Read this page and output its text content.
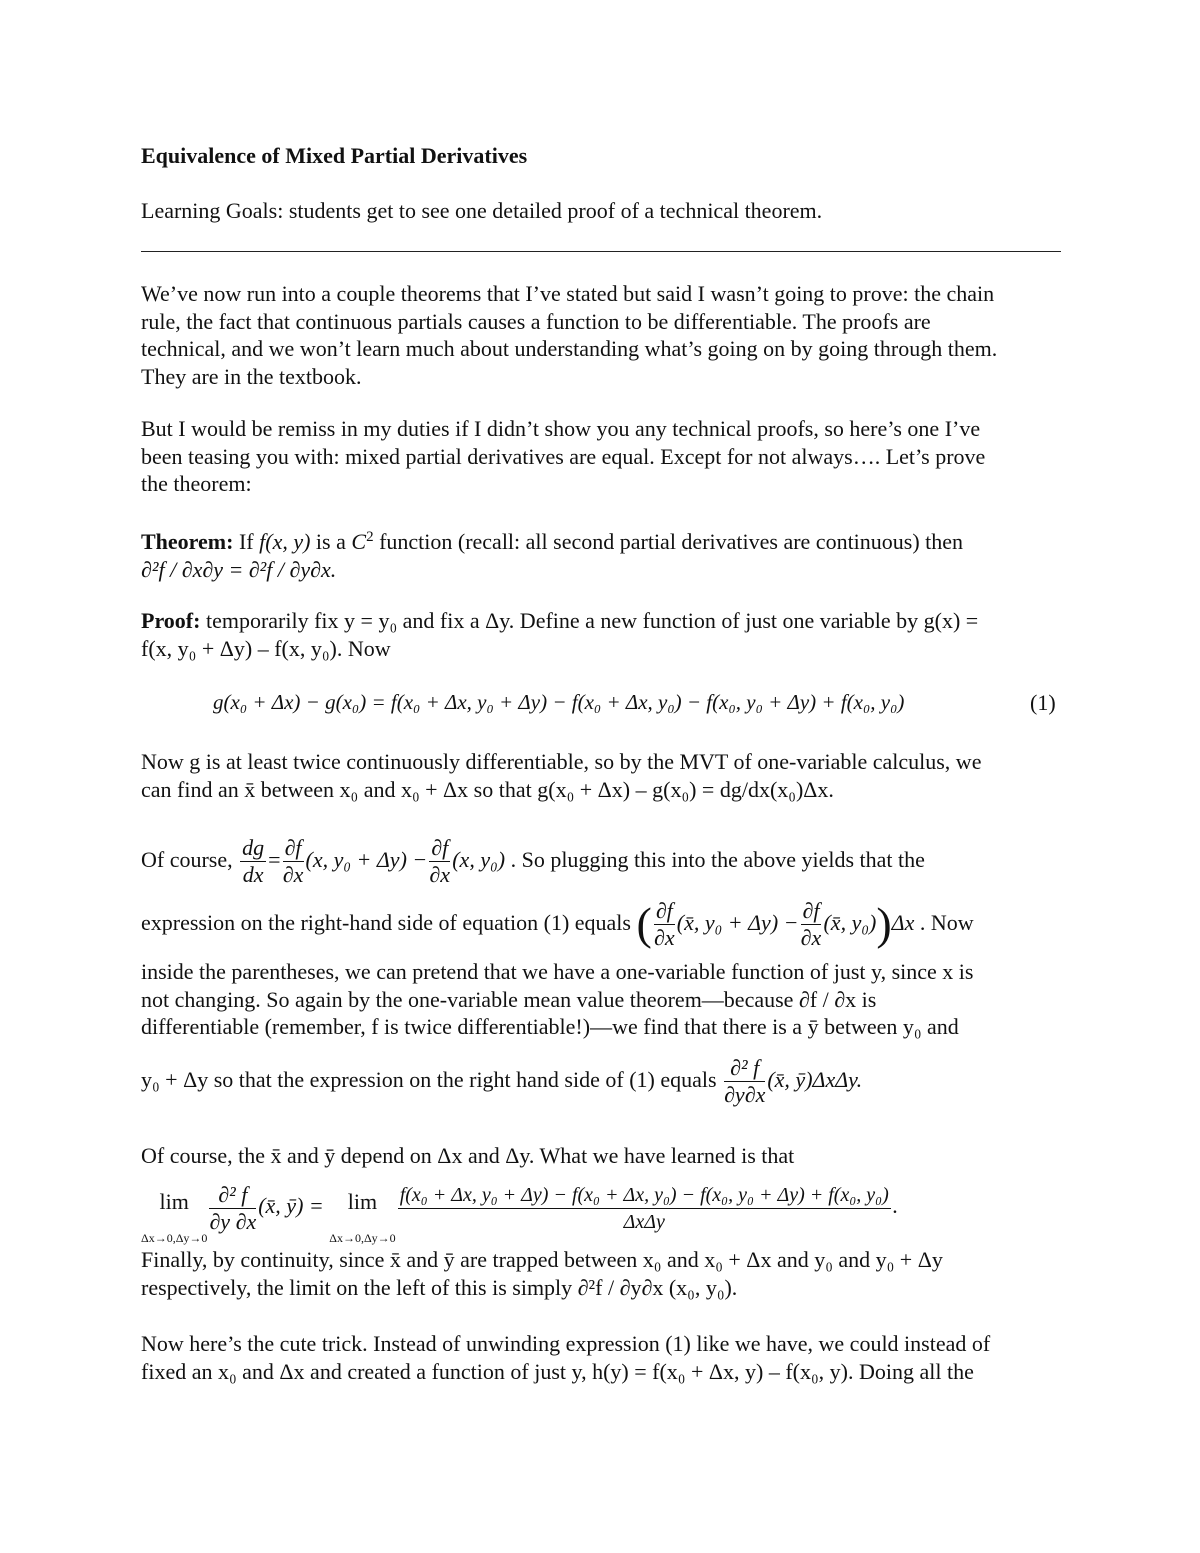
Equivalence of Mixed Partial Derivatives
Learning Goals: students get to see one detailed proof of a technical theorem.
We’ve now run into a couple theorems that I’ve stated but said I wasn’t going to prove: the chain
rule, the fact that continuous partials causes a function to be differentiable. The proofs are
technical, and we won’t learn much about understanding what’s going on by going through them.
They are in the textbook.
But I would be remiss in my duties if I didn’t show you any technical proofs, so here’s one I’ve
been teasing you with: mixed partial derivatives are equal. Except for not always…. Let’s prove
the theorem:
Theorem: If f(x, y) is a $C^2$ function (recall: all second partial derivatives are continuous) then
∂²f / ∂x∂y = ∂²f / ∂y∂x.
Proof: temporarily fix y = y₀ and fix a Δy. Define a new function of just one variable by g(x) =
f(x, y₀ + Δy) – f(x, y₀). Now
g(x₀ + Δx) − g(x₀) = f(x₀ + Δx, y₀ + Δy) − f(x₀ + Δx, y₀) − f(x₀, y₀ + Δy) + f(x₀, y₀)	(1)
Now g is at least twice continuously differentiable, so by the MVT of one-variable calculus, we
can find an x̄ between x₀ and x₀ + Δx so that g(x₀ + Δx) – g(x₀) = dg/dx(x₀)Δx.
Of course, $\frac{dg}{dx} = \frac{\partial f}{\partial x} (x$, $y_0 + \Delta y) - \frac{\partial f}{\partial x} (x$, y₀) . So plugging this into the above yields that the
expression on the right-hand side of equation (1) equals ( $\frac{\partial f}{\partial x}$ (x̄, $y_0 + \Delta y) - \frac{\partial f}{\partial x}$ (x̄, y₀))Δx . Now
inside the parentheses, we can pretend that we have a one-variable function of just y, since x is
not changing. So again by the one-variable mean value theorem—because ∂f / ∂x is
differentiable (remember, f is twice differentiable!)—we find that there is a ȳ between y₀ and
y₀ + Δy so that the expression on the right hand side of (1) equals $\frac{\text{∂² f}}{\partial y\partial x}$ (x̄, ȳ)ΔxΔy.
Of course, the x̄ and ȳ depend on Δx and Δy. What we have learned is that
lim
Δx→0,Δy→0
$\frac{\text{∂² f}}{\partial y \partial x}$ (x̄, ȳ) =	lim
Δx→0,Δy→0
f(x₀ + Δx, y₀ + Δy) − f(x₀ + Δx, y₀) − f(x₀, y₀ + Δy) + f(x₀, y₀)
ΔxΔy
.
Finally, by continuity, since x̄ and ȳ are trapped between x₀ and x₀ + Δx and y₀ and y₀ + Δy
respectively, the limit on the left of this is simply ∂²f / ∂y∂x (x₀, y₀).
Now here’s the cute trick. Instead of unwinding expression (1) like we have, we could instead of
fixed an x₀ and Δx and created a function of just y, h(y) = f(x₀ + Δx, y) – f(x₀, y). Doing all the
